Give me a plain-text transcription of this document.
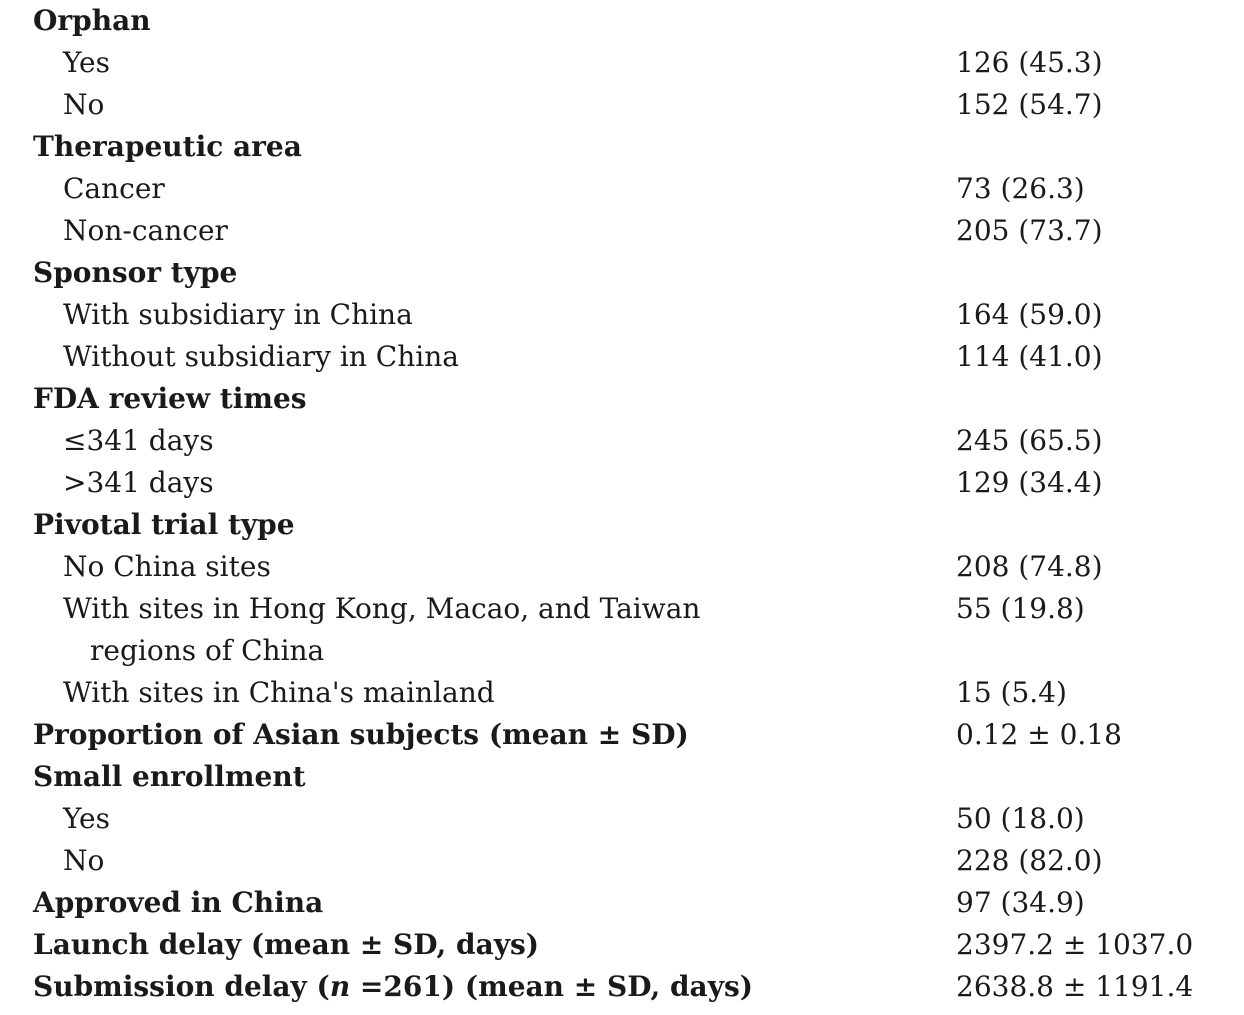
Orphan
Yes	126 (45.3)
No	152 (54.7)
Therapeutic area
Cancer	73 (26.3)
Non-cancer	205 (73.7)
Sponsor type
With subsidiary in China	164 (59.0)
Without subsidiary in China	114 (41.0)
FDA review times
≤341 days	245 (65.5)
>341 days	129 (34.4)
Pivotal trial type
No China sites	208 (74.8)
With sites in Hong Kong, Macao, and Taiwan	55 (19.8)
regions of China
With sites in China's mainland	15 (5.4)
Proportion of Asian subjects (mean ± SD)	0.12 ± 0.18
Small enrollment
Yes	50 (18.0)
No	228 (82.0)
Approved in China	97 (34.9)
Launch delay (mean ± SD, days)	2397.2 ± 1037.0
Submission delay (n =261) (mean ± SD, days)	2638.8 ± 1191.4
